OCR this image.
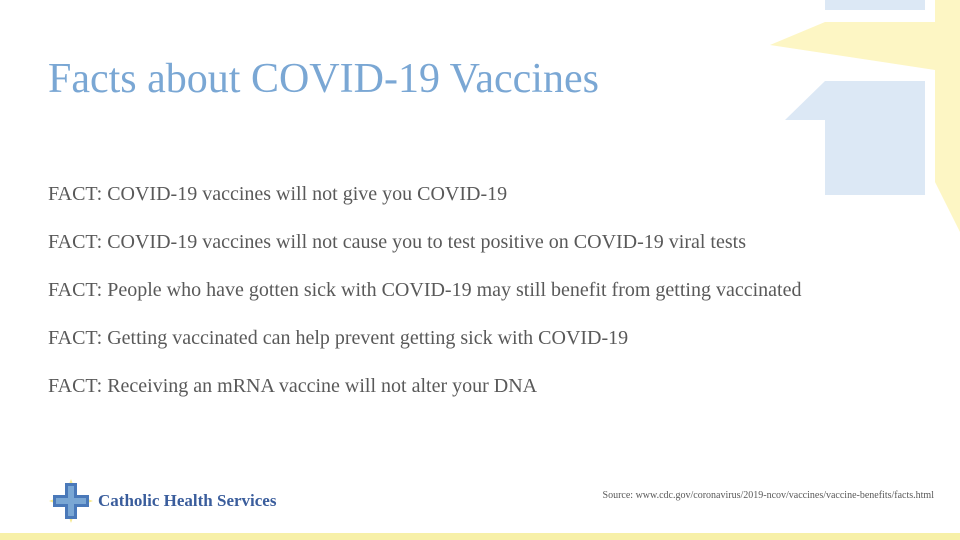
Facts about COVID-19 Vaccines
FACT: COVID-19 vaccines will not give you COVID-19
FACT: COVID-19 vaccines will not cause you to test positive on COVID-19 viral tests
FACT: People who have gotten sick with COVID-19 may still benefit from getting vaccinated
FACT: Getting vaccinated can help prevent getting sick with COVID-19
FACT: Receiving an mRNA vaccine will not alter your DNA
Catholic Health Services	Source: www.cdc.gov/coronavirus/2019-ncov/vaccines/vaccine-benefits/facts.html
